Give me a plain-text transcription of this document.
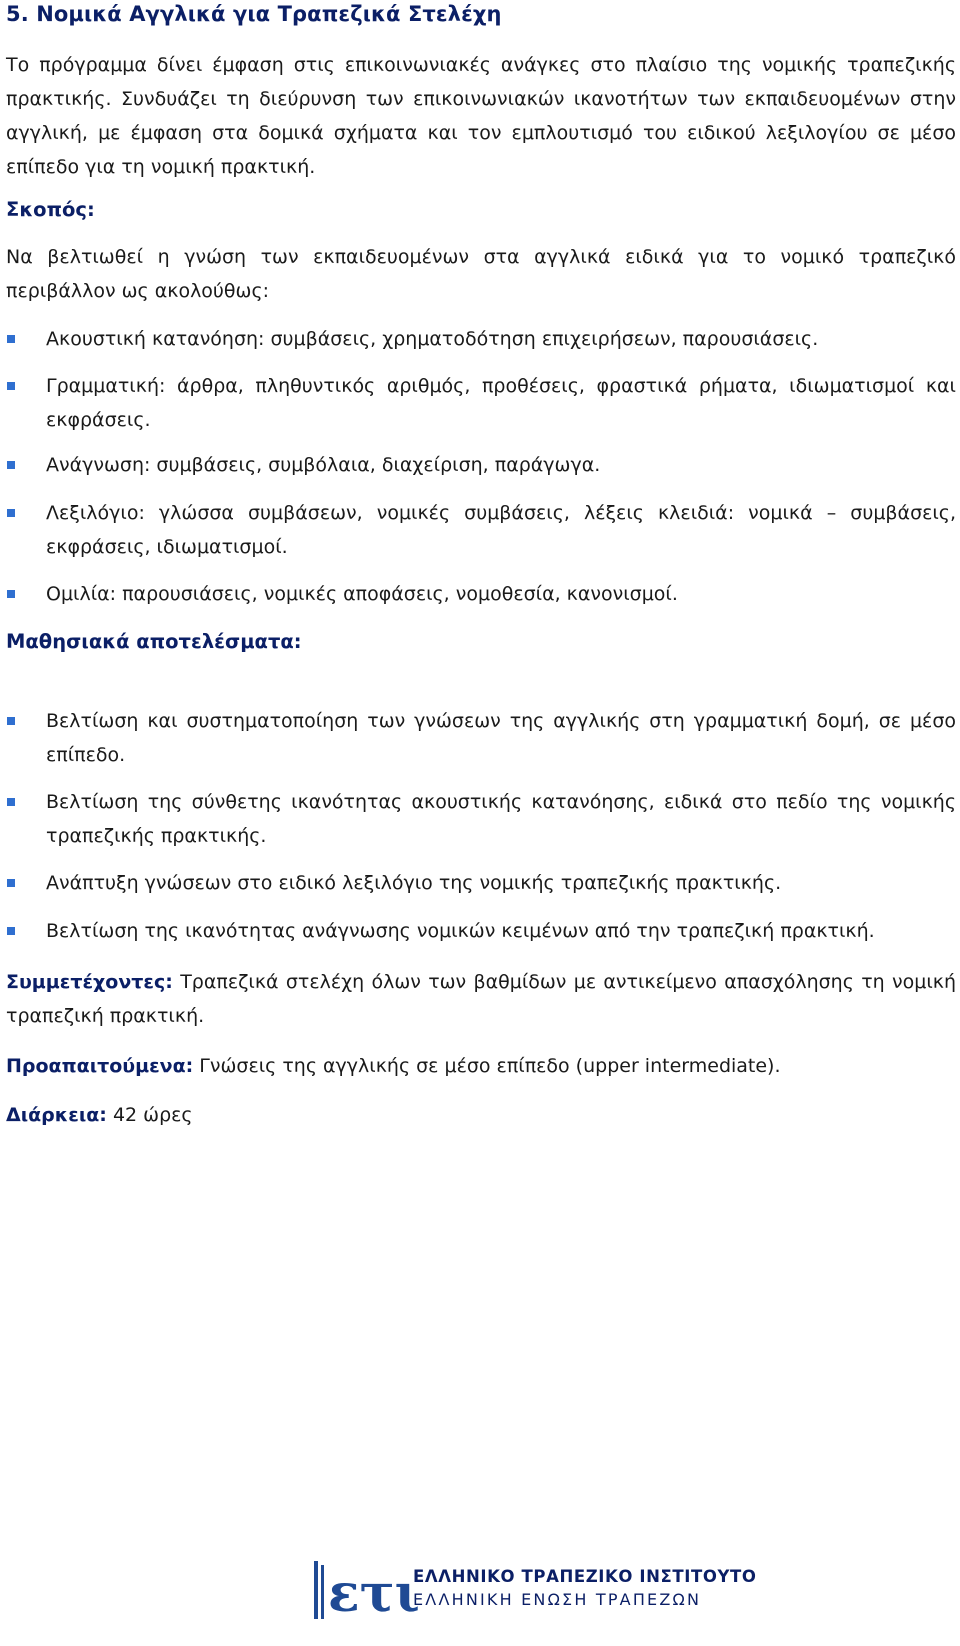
5. Νομικά Αγγλικά για Τραπεζικά Στελέχη
Το πρόγραμμα δίνει έμφαση στις επικοινωνιακές ανάγκες στο πλαίσιο της νομικής τραπεζικής πρακτικής. Συνδυάζει τη διεύρυνση των επικοινωνιακών ικανοτήτων των εκπαιδευομένων στην αγγλική, με έμφαση στα δομικά σχήματα και τον εμπλουτισμό του ειδικού λεξιλογίου σε μέσο επίπεδο για τη νομική πρακτική.
Σκοπός:
Να βελτιωθεί η γνώση των εκπαιδευομένων στα αγγλικά ειδικά για το νομικό τραπεζικό περιβάλλον ως ακολούθως:
Ακουστική κατανόηση: συμβάσεις, χρηματοδότηση επιχειρήσεων, παρουσιάσεις.
Γραμματική: άρθρα, πληθυντικός αριθμός, προθέσεις, φραστικά ρήματα, ιδιωματισμοί και εκφράσεις.
Ανάγνωση: συμβάσεις, συμβόλαια, διαχείριση, παράγωγα.
Λεξιλόγιο: γλώσσα συμβάσεων, νομικές συμβάσεις, λέξεις κλειδιά: νομικά – συμβάσεις, εκφράσεις, ιδιωματισμοί.
Ομιλία: παρουσιάσεις, νομικές αποφάσεις, νομοθεσία, κανονισμοί.
Μαθησιακά αποτελέσματα:
Βελτίωση και συστηματοποίηση των γνώσεων της αγγλικής στη γραμματική δομή, σε μέσο επίπεδο.
Βελτίωση της σύνθετης ικανότητας ακουστικής κατανόησης, ειδικά στο πεδίο της νομικής τραπεζικής πρακτικής.
Ανάπτυξη γνώσεων στο ειδικό λεξιλόγιο της νομικής τραπεζικής πρακτικής.
Βελτίωση της ικανότητας ανάγνωσης νομικών κειμένων από την τραπεζική πρακτική.
Συμμετέχοντες: Τραπεζικά στελέχη όλων των βαθμίδων με αντικείμενο απασχόλησης τη νομική τραπεζική πρακτική.
Προαπαιτούμενα: Γνώσεις της αγγλικής σε μέσο επίπεδο (upper intermediate).
Διάρκεια: 42 ώρες
ετι
ΕΛΛΗΝΙΚΟ ΤΡΑΠΕΖΙΚΟ ΙΝΣΤΙΤΟΥΤΟ
ΕΛΛΗΝΙΚΗ ΕΝΩΣΗ ΤΡΑΠΕΖΩΝ
